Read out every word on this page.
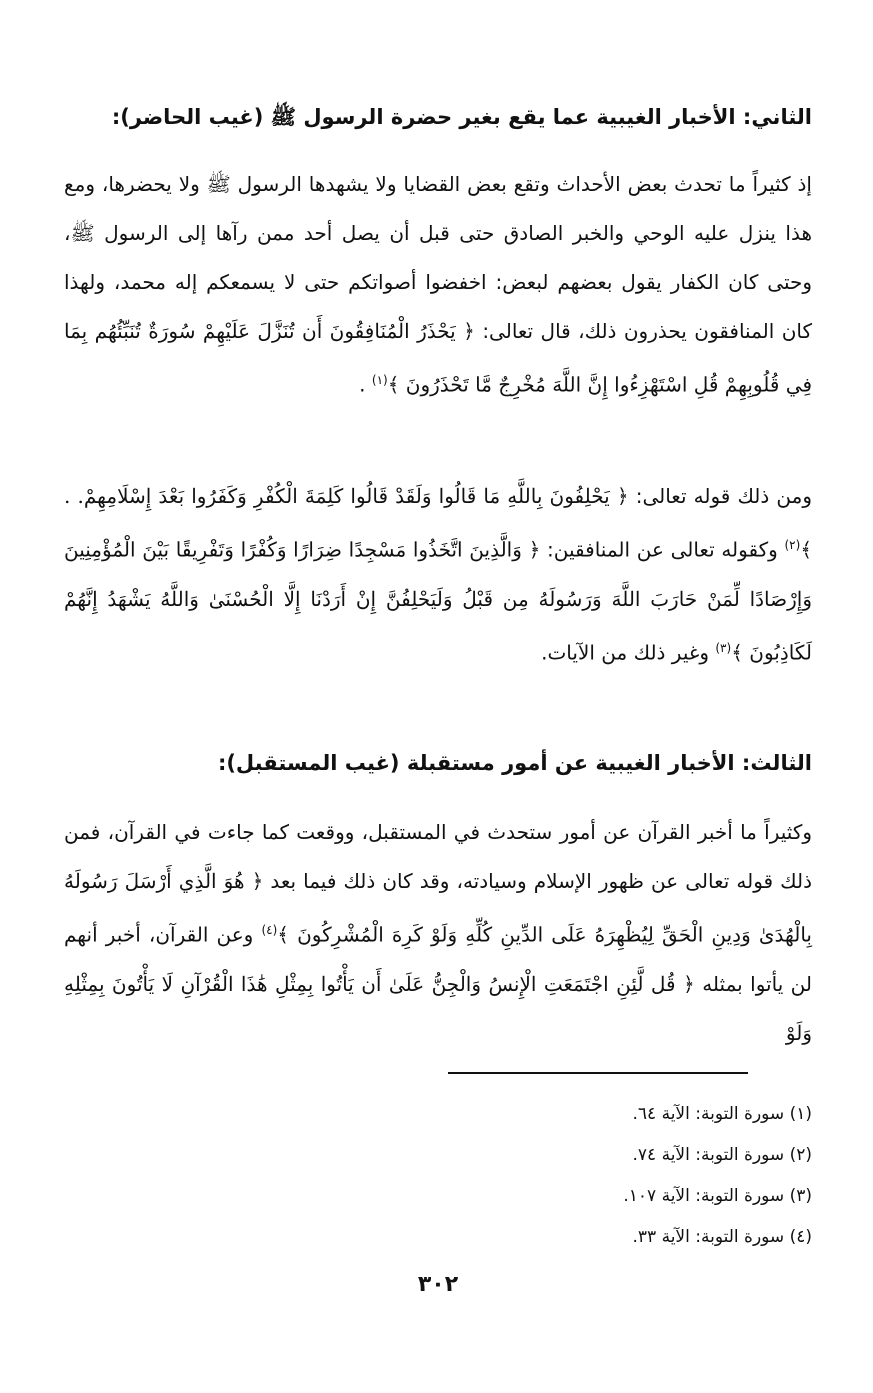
الثاني: الأخبار الغيبية عما يقع بغير حضرة الرسول ﷺ (غيب الحاضر):

إذ كثيراً ما تحدث بعض الأحداث وتقع بعض القضايا ولا يشهدها الرسول ﷺ ولا يحضرها، ومع هذا ينزل عليه الوحي والخبر الصادق حتى قبل أن يصل أحد ممن رآها إلى الرسول ﷺ، وحتى كان الكفار يقول بعضهم لبعض: اخفضوا أصواتكم حتى لا يسمعكم إله محمد، ولهذا كان المنافقون يحذرون ذلك، قال تعالى: ﴿ يَحْذَرُ الْمُنَافِقُونَ أَن تُنَزَّلَ عَلَيْهِمْ سُورَةٌ تُنَبِّئُهُم بِمَا فِي قُلُوبِهِمْ قُلِ اسْتَهْزِءُوا إِنَّ اللَّهَ مُخْرِجٌ مَّا تَحْذَرُونَ ﴾$^{(١)}$ .

ومن ذلك قوله تعالى: ﴿ يَحْلِفُونَ بِاللَّهِ مَا قَالُوا وَلَقَدْ قَالُوا كَلِمَةَ الْكُفْرِ وَكَفَرُوا بَعْدَ إِسْلَامِهِمْ. . ﴾$^{(٢)}$ وكقوله تعالى عن المنافقين: ﴿ وَالَّذِينَ اتَّخَذُوا مَسْجِدًا ضِرَارًا وَكُفْرًا وَتَفْرِيقًا بَيْنَ الْمُؤْمِنِينَ وَإِرْصَادًا لِّمَنْ حَارَبَ اللَّهَ وَرَسُولَهُ مِن قَبْلُ وَلَيَحْلِفُنَّ إِنْ أَرَدْنَا إِلَّا الْحُسْنَىٰ وَاللَّهُ يَشْهَدُ إِنَّهُمْ لَكَاذِبُونَ ﴾$^{(٣)}$ وغير ذلك من الآيات.

الثالث: الأخبار الغيبية عن أمور مستقبلة (غيب المستقبل):

وكثيراً ما أخبر القرآن عن أمور ستحدث في المستقبل، ووقعت كما جاءت في القرآن، فمن ذلك قوله تعالى عن ظهور الإسلام وسيادته، وقد كان ذلك فيما بعد ﴿ هُوَ الَّذِي أَرْسَلَ رَسُولَهُ بِالْهُدَىٰ وَدِينِ الْحَقِّ لِيُظْهِرَهُ عَلَى الدِّينِ كُلِّهِ وَلَوْ كَرِهَ الْمُشْرِكُونَ ﴾$^{(٤)}$ وعن القرآن، أخبر أنهم لن يأتوا بمثله ﴿ قُل لَّئِنِ اجْتَمَعَتِ الْإِنسُ وَالْجِنُّ عَلَىٰ أَن يَأْتُوا بِمِثْلِ هَٰذَا الْقُرْآنِ لَا يَأْتُونَ بِمِثْلِهِ وَلَوْ

(١) سورة التوبة: الآية ٦٤.

(٢) سورة التوبة: الآية ٧٤.

(٣) سورة التوبة: الآية ١٠٧.

(٤) سورة التوبة: الآية ٣٣.

٣٠٢
